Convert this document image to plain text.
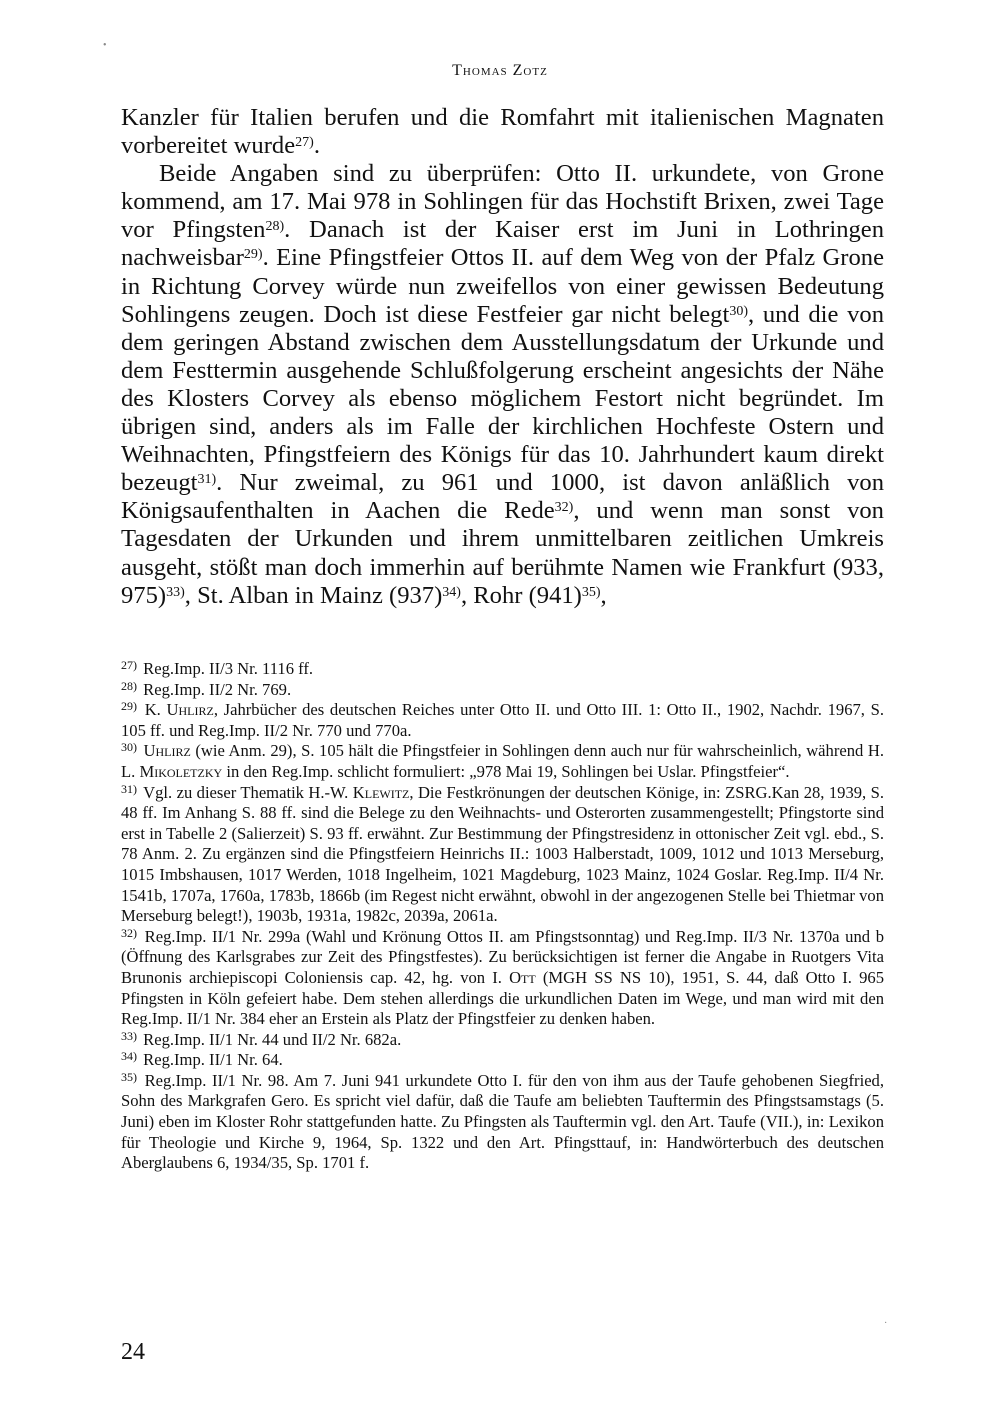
•
·
Thomas Zotz

Kanzler für Italien berufen und die Romfahrt mit italienischen Magnaten vorbereitet wurde$^{27)}$.

Beide Angaben sind zu überprüfen: Otto II. urkundete, von Grone kommend, am 17. Mai 978 in Sohlingen für das Hochstift Brixen, zwei Tage vor Pfingsten$^{28)}$. Danach ist der Kaiser erst im Juni in Lothringen nachweisbar$^{29)}$. Eine Pfingstfeier Ottos II. auf dem Weg von der Pfalz Grone in Richtung Corvey würde nun zweifellos von einer gewissen Bedeutung Sohlingens zeugen. Doch ist diese Festfeier gar nicht belegt$^{30)}$, und die von dem geringen Abstand zwischen dem Ausstellungsdatum der Urkunde und dem Festtermin ausgehende Schlußfolgerung erscheint angesichts der Nähe des Klosters Corvey als ebenso möglichem Festort nicht begründet. Im übrigen sind, anders als im Falle der kirchlichen Hochfeste Ostern und Weihnachten, Pfingstfeiern des Königs für das 10. Jahrhundert kaum direkt bezeugt$^{31)}$. Nur zweimal, zu 961 und 1000, ist davon anläßlich von Königsaufenthalten in Aachen die Rede$^{32)}$, und wenn man sonst von Tagesdaten der Urkunden und ihrem unmittelbaren zeitlichen Umkreis ausgeht, stößt man doch immerhin auf berühmte Namen wie Frankfurt (933, 975)$^{33)}$, St. Alban in Mainz $(937)^{34)}$, Rohr $(941)^{35)}$,

$^{27)}$ Reg.Imp. II/3 Nr. 1116 ff.
$^{28)}$ Reg.Imp. II/2 Nr. 769.
$^{29)}$ K. Uhlirz, Jahrbücher des deutschen Reiches unter Otto II. und Otto III. 1: Otto II., 1902, Nachdr. 1967, S. 105 ff. und Reg.Imp. II/2 Nr. 770 und 770a.
$^{30)}$ Uhlirz (wie Anm. 29), S. 105 hält die Pfingstfeier in Sohlingen denn auch nur für wahrscheinlich, während H. L. Mikoletzky in den Reg.Imp. schlicht formuliert: „978 Mai 19, Sohlingen bei Uslar. Pfingstfeier“.
$^{31)}$ Vgl. zu dieser Thematik H.-W. Klewitz, Die Festkrönungen der deutschen Könige, in: ZSRG.Kan 28, 1939, S. 48 ff. Im Anhang S. 88 ff. sind die Belege zu den Weihnachts- und Osterorten zusammengestellt; Pfingstorte sind erst in Tabelle 2 (Salierzeit) S. 93 ff. erwähnt. Zur Bestimmung der Pfingstresidenz in ottonischer Zeit vgl. ebd., S. 78 Anm. 2. Zu ergänzen sind die Pfingstfeiern Heinrichs II.: 1003 Halberstadt, 1009, 1012 und 1013 Merseburg, 1015 Imbshausen, 1017 Werden, 1018 Ingelheim, 1021 Magdeburg, 1023 Mainz, 1024 Goslar. Reg.Imp. II/4 Nr. 1541b, 1707a, 1760a, 1783b, 1866b (im Regest nicht erwähnt, obwohl in der angezogenen Stelle bei Thietmar von Merseburg belegt!), 1903b, 1931a, 1982c, 2039a, 2061a.
$^{32)}$ Reg.Imp. II/1 Nr. 299a (Wahl und Krönung Ottos II. am Pfingstsonntag) und Reg.Imp. II/3 Nr. 1370a und b (Öffnung des Karlsgrabes zur Zeit des Pfingstfestes). Zu berücksichtigen ist ferner die Angabe in Ruotgers Vita Brunonis archiepiscopi Coloniensis cap. 42, hg. von I. Ott (MGH SS NS 10), 1951, S. 44, daß Otto I. 965 Pfingsten in Köln gefeiert habe. Dem stehen allerdings die urkundlichen Daten im Wege, und man wird mit den Reg.Imp. II/1 Nr. 384 eher an Erstein als Platz der Pfingstfeier zu denken haben.
$^{33)}$ Reg.Imp. II/1 Nr. 44 und II/2 Nr. 682a.
$^{34)}$ Reg.Imp. II/1 Nr. 64.
$^{35)}$ Reg.Imp. II/1 Nr. 98. Am 7. Juni 941 urkundete Otto I. für den von ihm aus der Taufe gehobenen Siegfried, Sohn des Markgrafen Gero. Es spricht viel dafür, daß die Taufe am beliebten Tauftermin des Pfingstsamstags (5. Juni) eben im Kloster Rohr stattgefunden hatte. Zu Pfingsten als Tauftermin vgl. den Art. Taufe (VII.), in: Lexikon für Theologie und Kirche 9, 1964, Sp. 1322 und den Art. Pfingsttauf, in: Handwörterbuch des deutschen Aberglaubens 6, 1934/35, Sp. 1701 f.
24
